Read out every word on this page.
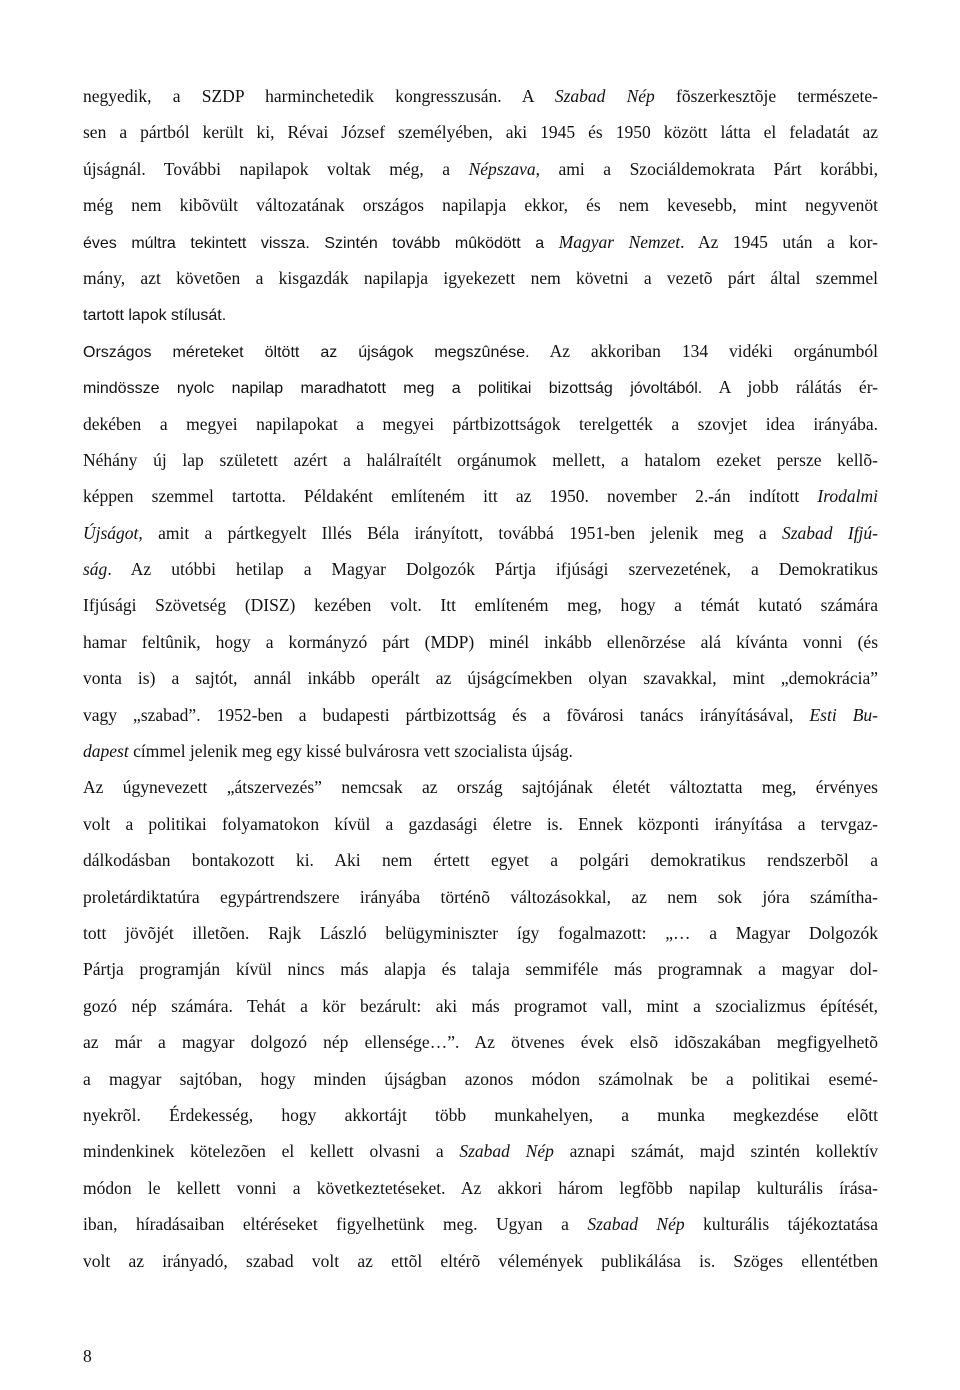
negyedik, a SZDP harminchetedik kongresszusán. A Szabad Nép fõszerkesztõje természete-
sen a pártból került ki, Révai József személyében, aki 1945 és 1950 között látta el feladatát az
újságnál. További napilapok voltak még, a Népszava, ami a Szociáldemokrata Párt korábbi,
még nem kibõvült változatának országos napilapja ekkor, és nem kevesebb, mint negyvenöt
éves múltra tekintett vissza. Szintén tovább mûködött a Magyar Nemzet. Az 1945 után a kor-
mány, azt követõen a kisgazdák napilapja igyekezett nem követni a vezetõ párt által szemmel
tartott lapok stílusát.
Országos méreteket öltött az újságok megszûnése. Az akkoriban 134 vidéki orgánumból
mindössze nyolc napilap maradhatott meg a politikai bizottság jóvoltából. A jobb rálátás ér-
dekében a megyei napilapokat a megyei pártbizottságok terelgették a szovjet idea irányába.
Néhány új lap született azért a halálraítélt orgánumok mellett, a hatalom ezeket persze kellõ-
képpen szemmel tartotta. Példaként említeném itt az 1950. november 2.-án indított Irodalmi
Újságot, amit a pártkegyelt Illés Béla irányított, továbbá 1951-ben jelenik meg a Szabad Ifjú-
ság. Az utóbbi hetilap a Magyar Dolgozók Pártja ifjúsági szervezetének, a Demokratikus
Ifjúsági Szövetség (DISZ) kezében volt. Itt említeném meg, hogy a témát kutató számára
hamar feltûnik, hogy a kormányzó párt (MDP) minél inkább ellenõrzése alá kívánta vonni (és
vonta is) a sajtót, annál inkább operált az újságcímekben olyan szavakkal, mint „demokrácia”
vagy „szabad”. 1952-ben a budapesti pártbizottság és a fõvárosi tanács irányításával, Esti Bu-
dapest címmel jelenik meg egy kissé bulvárosra vett szocialista újság.
Az úgynevezett „átszervezés” nemcsak az ország sajtójának életét változtatta meg, érvényes
volt a politikai folyamatokon kívül a gazdasági életre is. Ennek központi irányítása a tervgaz-
dálkodásban bontakozott ki. Aki nem értett egyet a polgári demokratikus rendszerbõl a
proletárdiktatúra egypártrendszere irányába történõ változásokkal, az nem sok jóra számítha-
tott jövõjét illetõen. Rajk László belügyminiszter így fogalmazott: „… a Magyar Dolgozók
Pártja programján kívül nincs más alapja és talaja semmiféle más programnak a magyar dol-
gozó nép számára. Tehát a kör bezárult: aki más programot vall, mint a szocializmus építését,
az már a magyar dolgozó nép ellensége…”. Az ötvenes évek elsõ idõszakában megfigyelhetõ
a magyar sajtóban, hogy minden újságban azonos módon számolnak be a politikai esemé-
nyekrõl. Érdekesség, hogy akkortájt több munkahelyen, a munka megkezdése elõtt
mindenkinek kötelezõen el kellett olvasni a Szabad Nép aznapi számát, majd szintén kollektív
módon le kellett vonni a következtetéseket. Az akkori három legfõbb napilap kulturális írása-
iban, híradásaiban eltéréseket figyelhetünk meg. Ugyan a Szabad Nép kulturális tájékoztatása
volt az irányadó, szabad volt az ettõl eltérõ vélemények publikálása is. Szöges ellentétben
8
